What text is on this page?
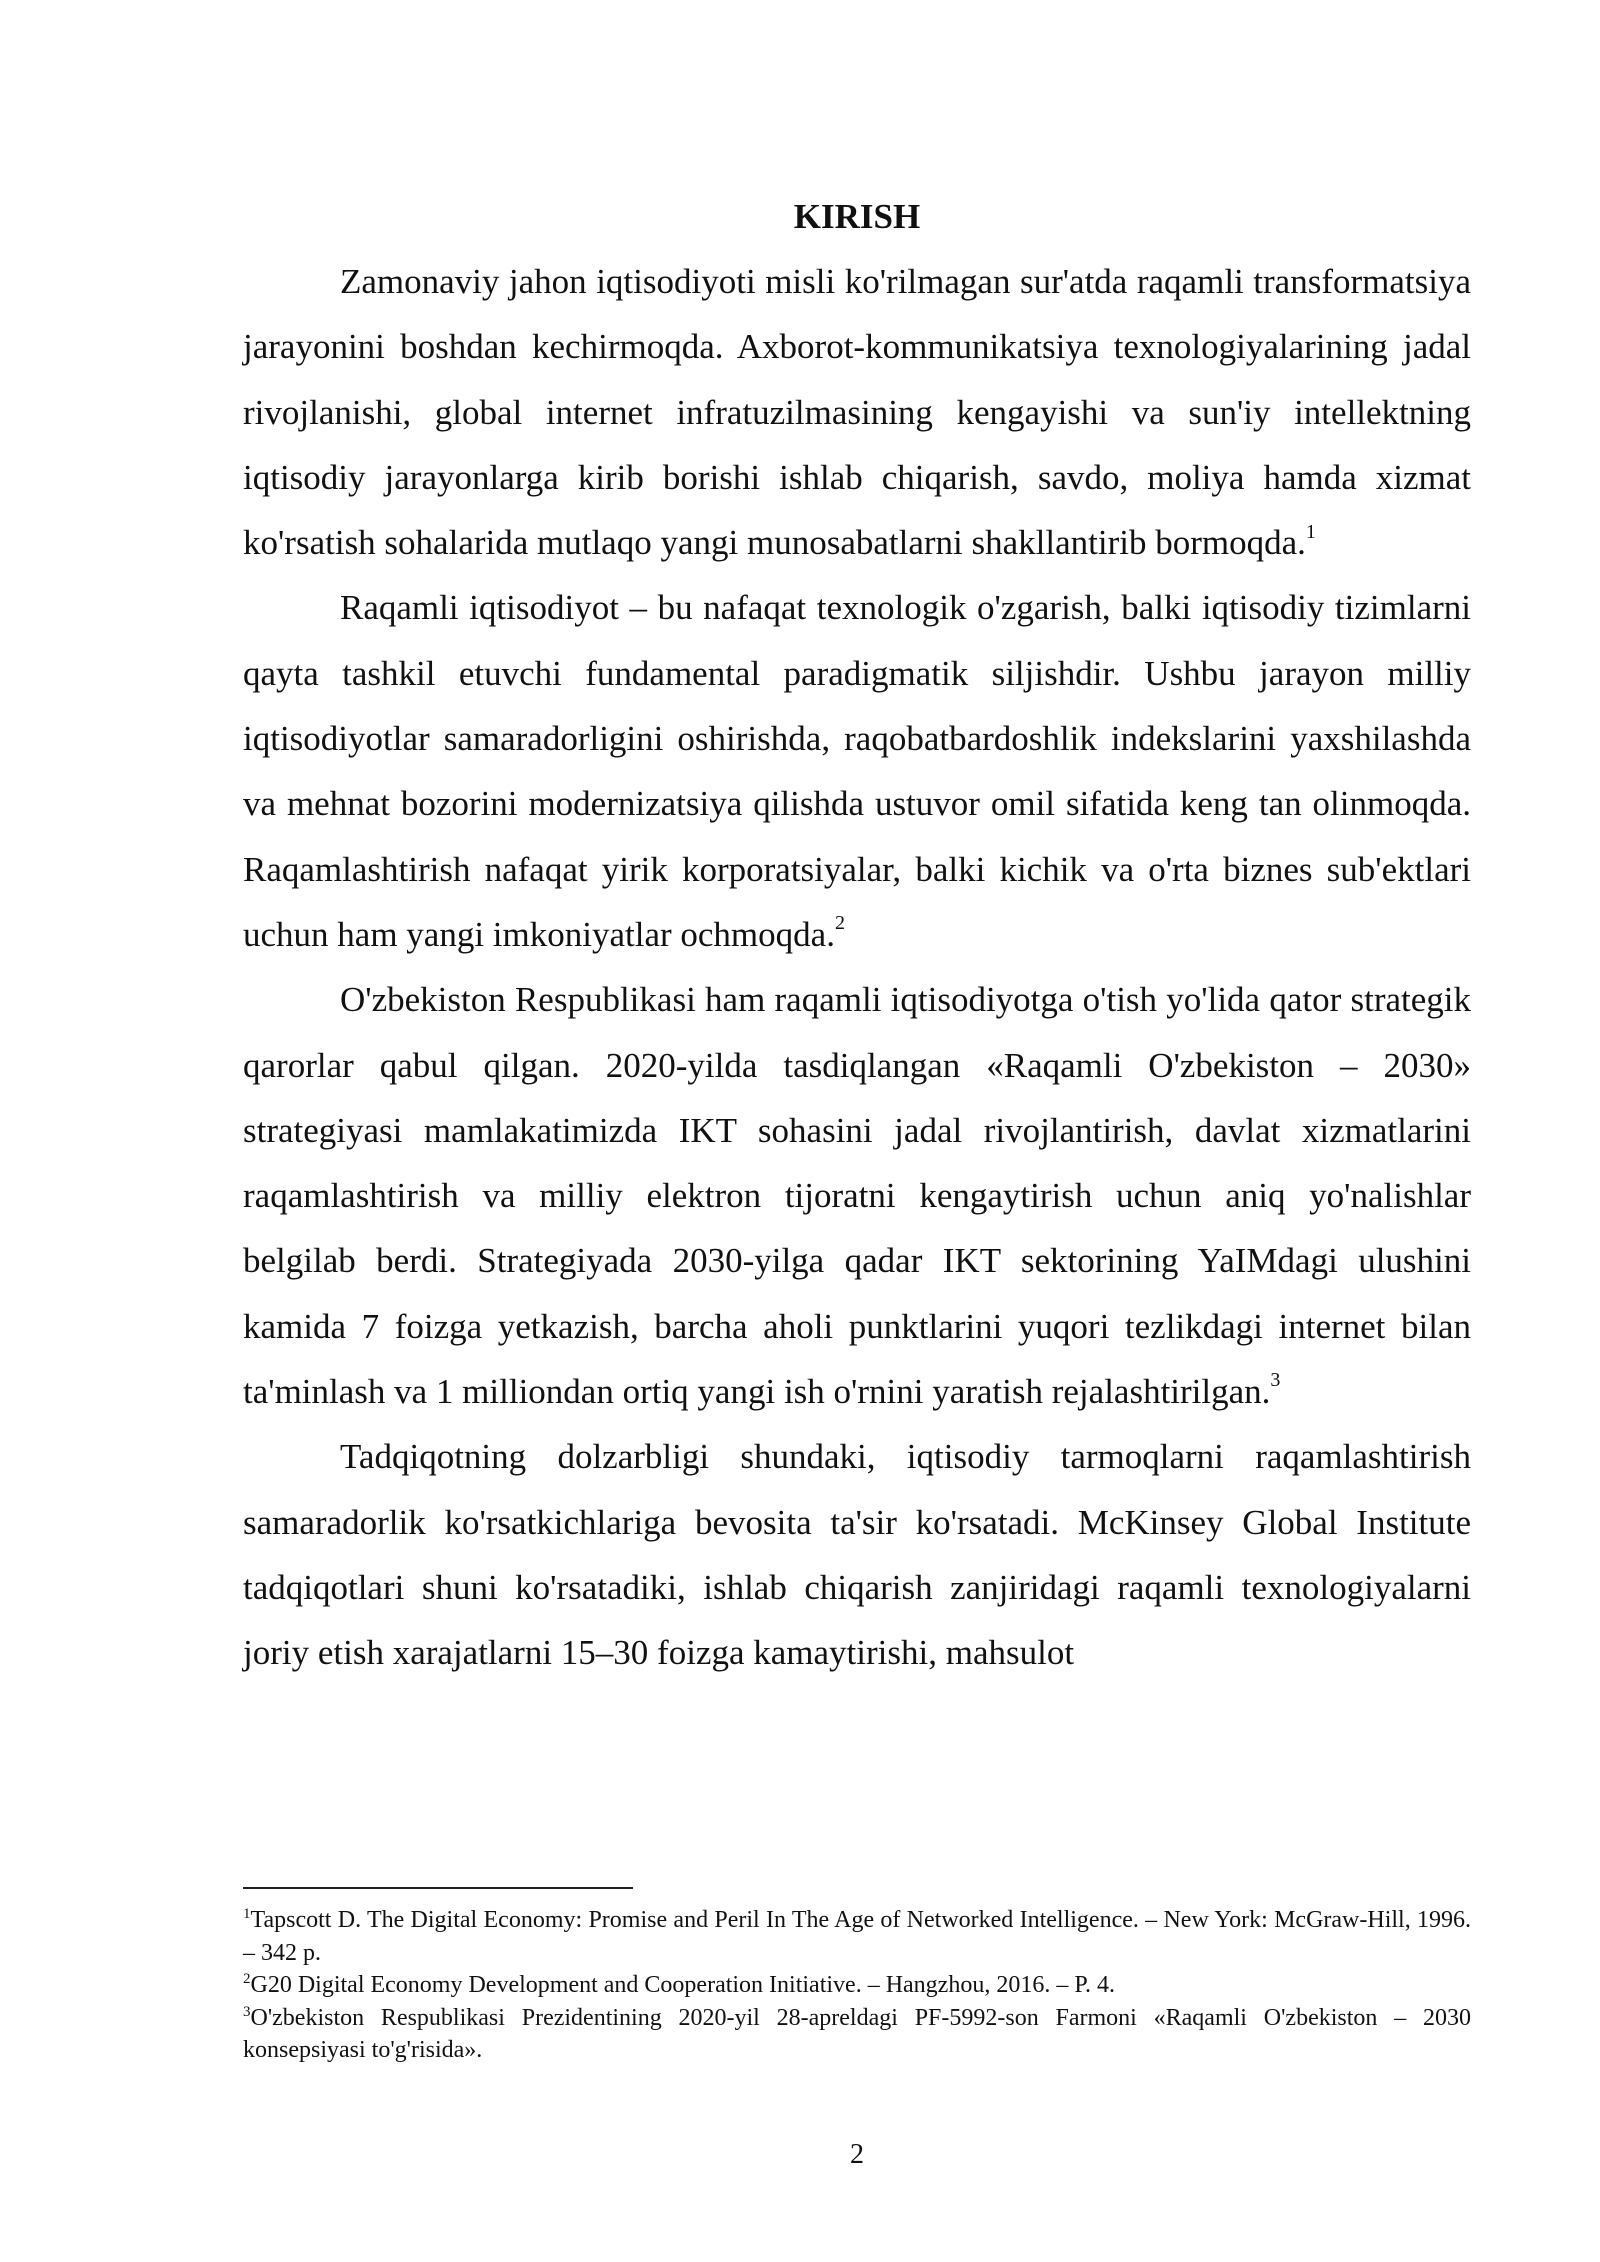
KIRISH

Zamonaviy jahon iqtisodiyoti misli ko'rilmagan sur'atda raqamli transformatsiya jarayonini boshdan kechirmoqda. Axborot-kommunikatsiya texnologiyalarining jadal rivojlanishi, global internet infratuzilmasining kengayishi va sun'iy intellektning iqtisodiy jarayonlarga kirib borishi ishlab chiqarish, savdo, moliya hamda xizmat ko'rsatish sohalarida mutlaqo yangi munosabatlarni shakllantirib bormoqda.$^1$

Raqamli iqtisodiyot – bu nafaqat texnologik o'zgarish, balki iqtisodiy tizimlarni qayta tashkil etuvchi fundamental paradigmatik siljishdir. Ushbu jarayon milliy iqtisodiyotlar samaradorligini oshirishda, raqobatbardoshlik indekslarini yaxshilashda va mehnat bozorini modernizatsiya qilishda ustuvor omil sifatida keng tan olinmoqda. Raqamlashtirish nafaqat yirik korporatsiyalar, balki kichik va o'rta biznes sub'ektlari uchun ham yangi imkoniyatlar ochmoqda.$^2$

O'zbekiston Respublikasi ham raqamli iqtisodiyotga o'tish yo'lida qator strategik qarorlar qabul qilgan. 2020-yilda tasdiqlangan «Raqamli O'zbekiston – 2030» strategiyasi mamlakatimizda IKT sohasini jadal rivojlantirish, davlat xizmatlarini raqamlashtirish va milliy elektron tijoratni kengaytirish uchun aniq yo'nalishlar belgilab berdi. Strategiyada 2030-yilga qadar IKT sektorining YaIMdagi ulushini kamida 7 foizga yetkazish, barcha aholi punktlarini yuqori tezlikdagi internet bilan ta'minlash va 1 milliondan ortiq yangi ish o'rnini yaratish rejalashtirilgan.$^3$

Tadqiqotning dolzarbligi shundaki, iqtisodiy tarmoqlarni raqamlashtirish samaradorlik ko'rsatkichlariga bevosita ta'sir ko'rsatadi. McKinsey Global Institute tadqiqotlari shuni ko'rsatadiki, ishlab chiqarish zanjiridagi raqamli texnologiyalarni joriy etish xarajatlarni 15–30 foizga kamaytirishi, mahsulot

$^1$Tapscott D. The Digital Economy: Promise and Peril In The Age of Networked Intelligence. – New York: McGraw-Hill, 1996. – 342 p.

$^2$G20 Digital Economy Development and Cooperation Initiative. – Hangzhou, 2016. – P. 4.

$^3$O'zbekiston Respublikasi Prezidentining 2020-yil 28-apreldagi PF-5992-son Farmoni «Raqamli O'zbekiston – 2030 konsepsiyasi to'g'risida».

2
